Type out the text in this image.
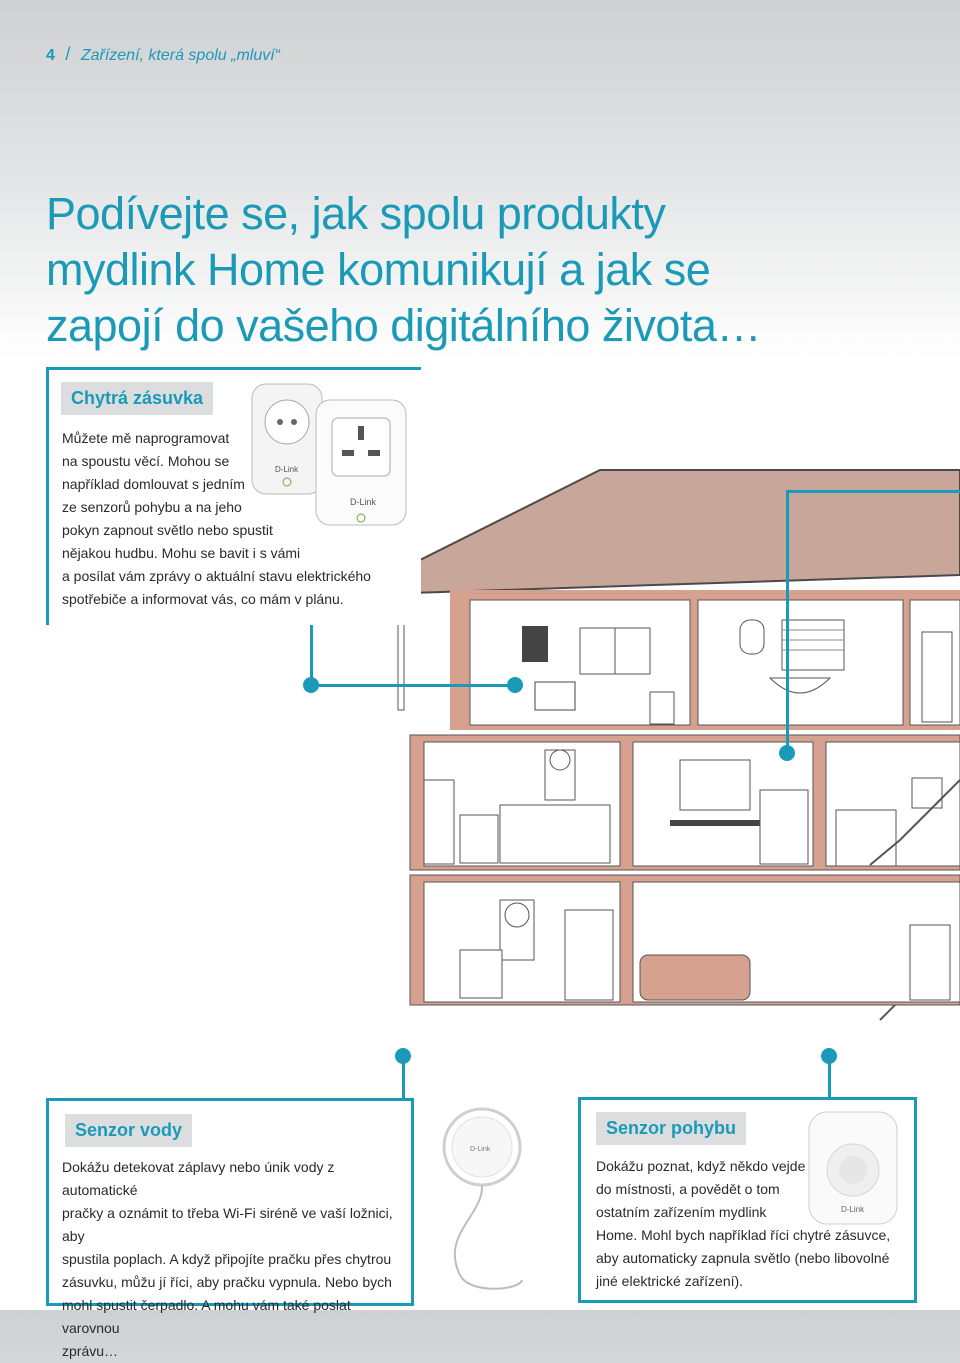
4 / Zařízení, která spolu „mluví“
Podívejte se, jak spolu produkty
mydlink Home komunikují a jak se
zapojí do vašeho digitálního života…
Chytrá zásuvka
Můžete mě naprogramovat
na spoustu věcí. Mohou se
například domlouvat s jedním
ze senzorů pohybu a na jeho
pokyn zapnout světlo nebo spustit
nějakou hudbu. Mohu se bavit i s vámi
a posílat vám zprávy o aktuální stavu elektrického
spotřebiče a informovat vás, co mám v plánu.
D-Link
D-Link
Senzor vody
Dokážu detekovat záplavy nebo únik vody z automatické
pračky a oznámit to třeba Wi-Fi siréně ve vaší ložnici, aby
spustila poplach. A když připojíte pračku přes chytrou
zásuvku, můžu jí říci, aby pračku vypnula. Nebo bych
mohl spustit čerpadlo. A mohu vám také poslat varovnou
zprávu…
D-Link
Senzor pohybu
Dokážu poznat, když někdo vejde
do místnosti, a povědět o tom
ostatním zařízením mydlink
Home. Mohl bych například říci chytré zásuvce,
aby automaticky zapnula světlo (nebo libovolné
jiné elektrické zařízení).
D-Link
